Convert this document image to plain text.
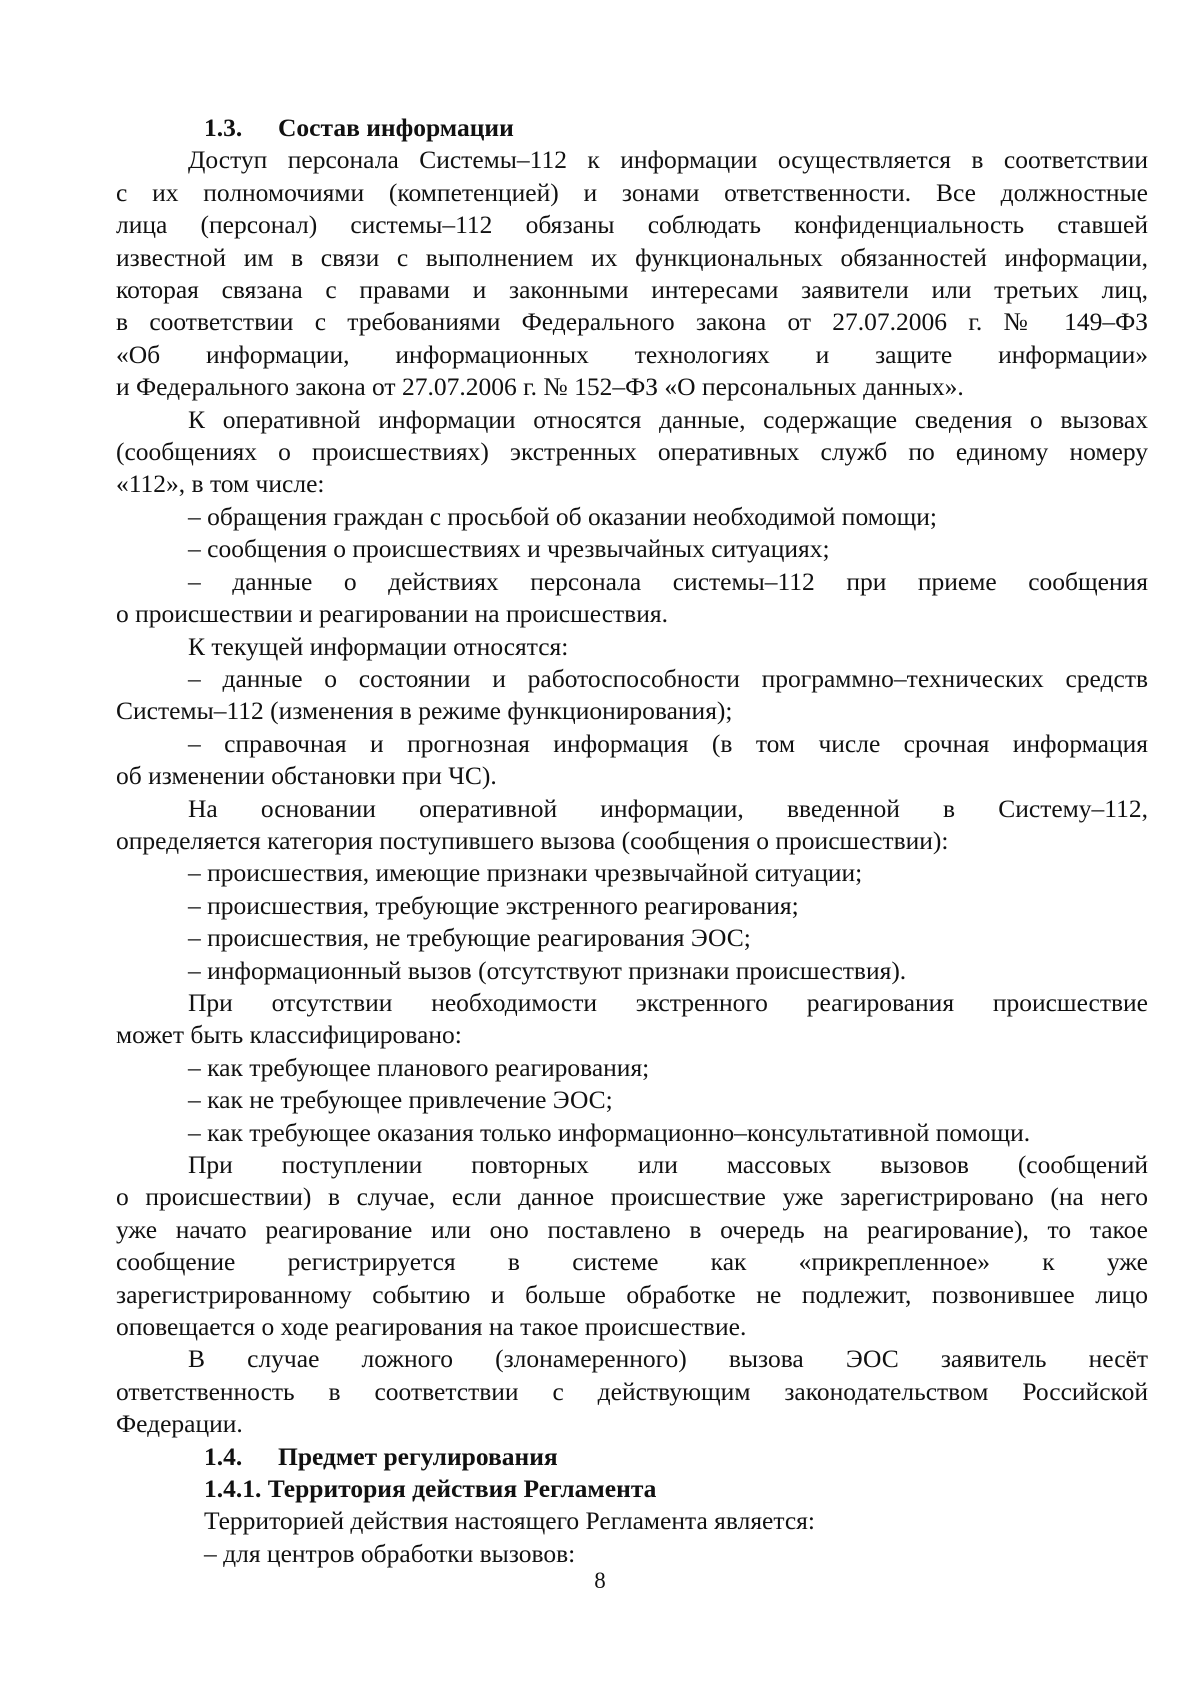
1.3. Состав информации
Доступ персонала Системы–112 к информации осуществляется в соответствии
с их полномочиями (компетенцией) и зонами ответственности. Все должностные
лица (персонал) системы–112 обязаны соблюдать конфиденциальность ставшей
известной им в связи с выполнением их функциональных обязанностей информации,
которая связана с правами и законными интересами заявители или третьих лиц,
в соответствии с требованиями Федерального закона от 27.07.2006 г. № 149–ФЗ
«Об информации, информационных технологиях и защите информации»
и Федерального закона от 27.07.2006 г. № 152–ФЗ «О персональных данных».
К оперативной информации относятся данные, содержащие сведения о вызовах
(сообщениях о происшествиях) экстренных оперативных служб по единому номеру
«112», в том числе:
– обращения граждан с просьбой об оказании необходимой помощи;
– сообщения о происшествиях и чрезвычайных ситуациях;
– данные о действиях персонала системы–112 при приеме сообщения
о происшествии и реагировании на происшествия.
К текущей информации относятся:
– данные о состоянии и работоспособности программно–технических средств
Системы–112 (изменения в режиме функционирования);
– справочная и прогнозная информация (в том числе срочная информация
об изменении обстановки при ЧС).
На основании оперативной информации, введенной в Систему–112,
определяется категория поступившего вызова (сообщения о происшествии):
– происшествия, имеющие признаки чрезвычайной ситуации;
– происшествия, требующие экстренного реагирования;
– происшествия, не требующие реагирования ЭОС;
– информационный вызов (отсутствуют признаки происшествия).
При отсутствии необходимости экстренного реагирования происшествие
может быть классифицировано:
– как требующее планового реагирования;
– как не требующее привлечение ЭОС;
– как требующее оказания только информационно–консультативной помощи.
При поступлении повторных или массовых вызовов (сообщений
о происшествии) в случае, если данное происшествие уже зарегистрировано (на него
уже начато реагирование или оно поставлено в очередь на реагирование), то такое
сообщение регистрируется в системе как «прикрепленное» к уже
зарегистрированному событию и больше обработке не подлежит, позвонившее лицо
оповещается о ходе реагирования на такое происшествие.
В случае ложного (злонамеренного) вызова ЭОС заявитель несёт
ответственность в соответствии с действующим законодательством Российской
Федерации.
1.4. Предмет регулирования
1.4.1. Территория действия Регламента
Территорией действия настоящего Регламента является:
– для центров обработки вызовов:
8
